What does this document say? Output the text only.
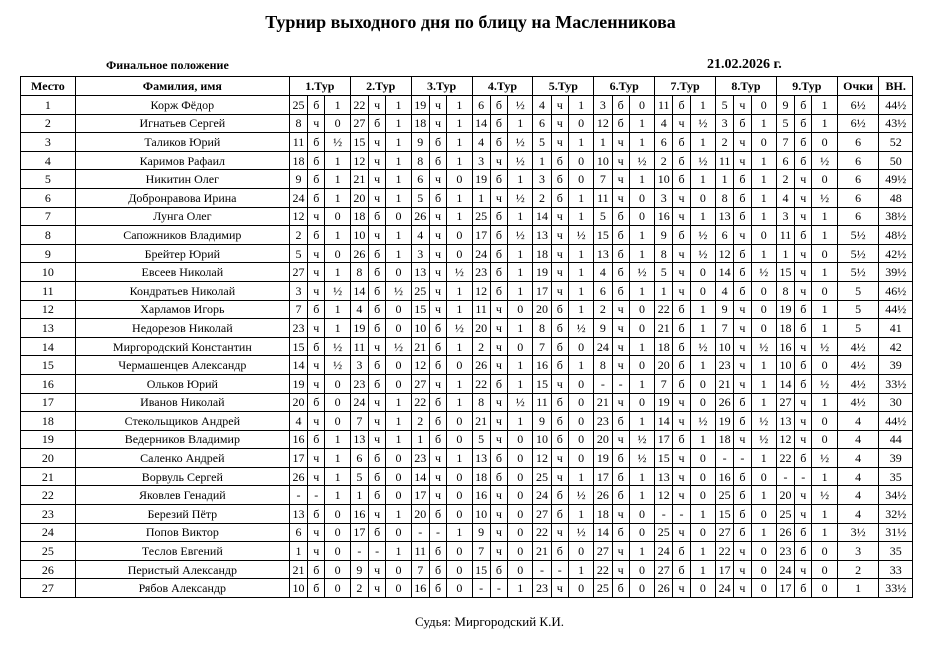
Турнир выходного дня по блицу на Масленникова
Финальное положение	21.02.2026 г.
Место	Фамилия, имя	1.Тур			2.Тур			3.Тур			4.Тур			5.Тур			6.Тур			7.Тур			8.Тур			9.Тур			Очки	ВН.
1	Корж Фёдор	25	б	1	22	ч	1	19	ч	1	6	б	½	4	ч	1	3	б	0	11	б	1	5	ч	0	9	б	1	6½	44½
2	Игнатьев Сергей	8	ч	0	27	б	1	18	ч	1	14	б	1	6	ч	0	12	б	1	4	ч	½	3	б	1	5	б	1	6½	43½
3	Таликов Юрий	11	б	½	15	ч	1	9	б	1	4	б	½	5	ч	1	1	ч	1	6	б	1	2	ч	0	7	б	0	6	52
4	Каримов Рафаил	18	б	1	12	ч	1	8	б	1	3	ч	½	1	б	0	10	ч	½	2	б	½	11	ч	1	6	б	½	6	50
5	Никитин Олег	9	б	1	21	ч	1	6	ч	0	19	б	1	3	б	0	7	ч	1	10	б	1	1	б	1	2	ч	0	6	49½
6	Добронравова Ирина	24	б	1	20	ч	1	5	б	1	1	ч	½	2	б	1	11	ч	0	3	ч	0	8	б	1	4	ч	½	6	48
7	Лунга Олег	12	ч	0	18	б	0	26	ч	1	25	б	1	14	ч	1	5	б	0	16	ч	1	13	б	1	3	ч	1	6	38½
8	Сапожников Владимир	2	б	1	10	ч	1	4	ч	0	17	б	½	13	ч	½	15	б	1	9	б	½	6	ч	0	11	б	1	5½	48½
9	Брейтер Юрий	5	ч	0	26	б	1	3	ч	0	24	б	1	18	ч	1	13	б	1	8	ч	½	12	б	1	1	ч	0	5½	42½
10	Евсеев Николай	27	ч	1	8	б	0	13	ч	½	23	б	1	19	ч	1	4	б	½	5	ч	0	14	б	½	15	ч	1	5½	39½
11	Кондратьев Николай	3	ч	½	14	б	½	25	ч	1	12	б	1	17	ч	1	6	б	1	1	ч	0	4	б	0	8	ч	0	5	46½
12	Харламов Игорь	7	б	1	4	б	0	15	ч	1	11	ч	0	20	б	1	2	ч	0	22	б	1	9	ч	0	19	б	1	5	44½
13	Недорезов Николай	23	ч	1	19	б	0	10	б	½	20	ч	1	8	б	½	9	ч	0	21	б	1	7	ч	0	18	б	1	5	41
14	Миргородский Константин	15	б	½	11	ч	½	21	б	1	2	ч	0	7	б	0	24	ч	1	18	б	½	10	ч	½	16	ч	½	4½	42
15	Чермашенцев Александр	14	ч	½	3	б	0	12	б	0	26	ч	1	16	б	1	8	ч	0	20	б	1	23	ч	1	10	б	0	4½	39
16	Ольков Юрий	19	ч	0	23	б	0	27	ч	1	22	б	1	15	ч	0	-	-	1	7	б	0	21	ч	1	14	б	½	4½	33½
17	Иванов Николай	20	б	0	24	ч	1	22	б	1	8	ч	½	11	б	0	21	ч	0	19	ч	0	26	б	1	27	ч	1	4½	30
18	Стекольщиков Андрей	4	ч	0	7	ч	1	2	б	0	21	ч	1	9	б	0	23	б	1	14	ч	½	19	б	½	13	ч	0	4	44½
19	Ведерников Владимир	16	б	1	13	ч	1	1	б	0	5	ч	0	10	б	0	20	ч	½	17	б	1	18	ч	½	12	ч	0	4	44
20	Саленко Андрей	17	ч	1	6	б	0	23	ч	1	13	б	0	12	ч	0	19	б	½	15	ч	0	-	-	1	22	б	½	4	39
21	Ворвуль Сергей	26	ч	1	5	б	0	14	ч	0	18	б	0	25	ч	1	17	б	1	13	ч	0	16	б	0	-	-	1	4	35
22	Яковлев Генадий	-	-	1	1	б	0	17	ч	0	16	ч	0	24	б	½	26	б	1	12	ч	0	25	б	1	20	ч	½	4	34½
23	Березий Пётр	13	б	0	16	ч	1	20	б	0	10	ч	0	27	б	1	18	ч	0	-	-	1	15	б	0	25	ч	1	4	32½
24	Попов Виктор	6	ч	0	17	б	0	-	-	1	9	ч	0	22	ч	½	14	б	0	25	ч	0	27	б	1	26	б	1	3½	31½
25	Теслов Евгений	1	ч	0	-	-	1	11	б	0	7	ч	0	21	б	0	27	ч	1	24	б	1	22	ч	0	23	б	0	3	35
26	Перистый Александр	21	б	0	9	ч	0	7	б	0	15	б	0	-	-	1	22	ч	0	27	б	1	17	ч	0	24	ч	0	2	33
27	Рябов Александр	10	б	0	2	ч	0	16	б	0	-	-	1	23	ч	0	25	б	0	26	ч	0	24	ч	0	17	б	0	1	33½
Судья: Миргородский К.И.
